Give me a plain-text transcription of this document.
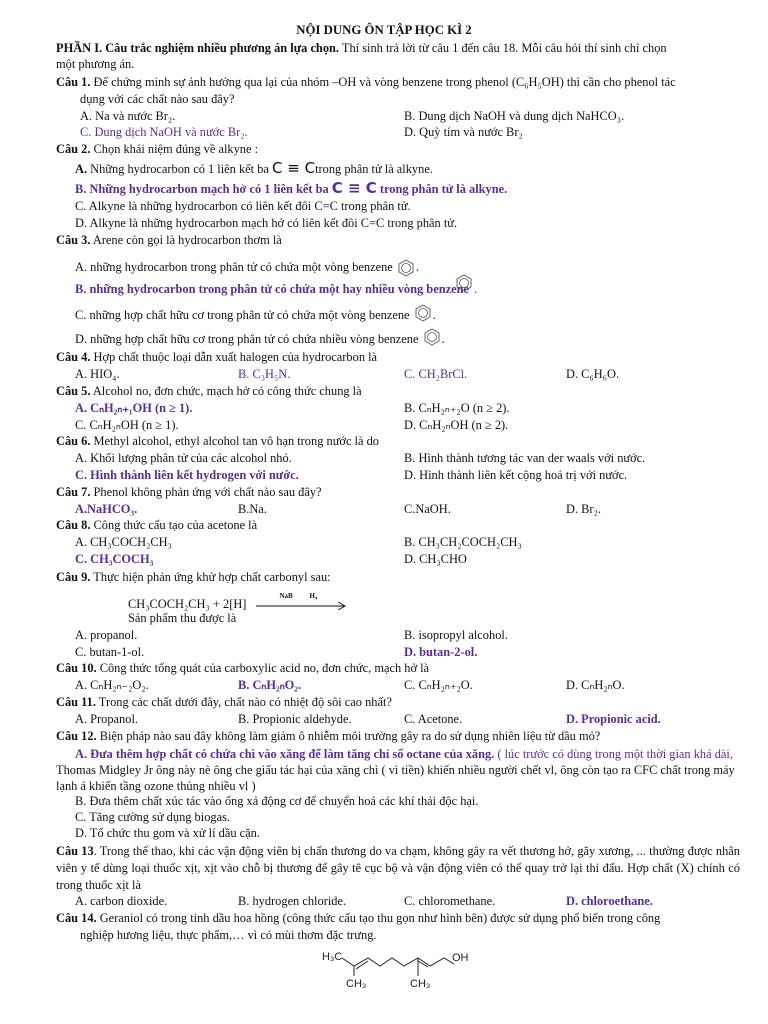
NỘI DUNG ÔN TẬP HỌC KÌ 2
PHẦN I. Câu trắc nghiệm nhiều phương án lựa chọn. Thí sinh trả lời từ câu 1 đến câu 18. Mỗi câu hỏi thí sinh chỉ chọn
một phương án.
Câu 1. Để chứng minh sự ảnh hưởng qua lại của nhóm –OH và vòng benzene trong phenol (C₆H₅OH) thì cần cho phenol tác
dụng với các chất nào sau đây?
A. Na và nước Br₂.	B. Dung dịch NaOH và dung dịch NaHCO₃.
C. Dung dịch NaOH và nước Br₂.	D. Quỳ tím và nước Br₂
Câu 2. Chọn khái niệm đúng về alkyne :
A. Những hydrocarbon có 1 liên kết ba C ≡ Ctrong phân tử là alkyne.
B. Những hydrocarbon mạch hở có 1 liên kết ba C ≡ C trong phân tử là alkyne.
C. Alkyne là những hydrocarbon có liên kết đôi C=C trong phân tử.
D. Alkyne là những hydrocarbon mạch hở có liên kết đôi C=C trong phân tử.
Câu 3. Arene còn gọi là hydrocarbon thơm là
A. những hydrocarbon trong phân tử có chứa một vòng benzene .
B. những hydrocarbon trong phân tử có chứa một hay nhiều vòng benzene .
C. những hợp chất hữu cơ trong phân tử có chứa một vòng benzene .
D. những hợp chất hữu cơ trong phân tử có chứa nhiều vòng benzene .
Câu 4. Hợp chất thuộc loại dẫn xuất halogen của hydrocarbon là
A. HIO₄.	B. C₃H₅N.	C. CH₂BrCl.	D. C₆H₆O.
Câu 5. Alcohol no, đơn chức, mạch hở có công thức chung là
A. CₙH₂ₙ₊₁OH (n ≥ 1).	B. CₙH₂ₙ₊₂O (n ≥ 2).
C. CₙH₂ₙOH (n ≥ 1).	D. CₙH₂ₙOH (n ≥ 2).
Câu 6. Methyl alcohol, ethyl alcohol tan vô hạn trong nước là do
A. Khối lượng phân tử của các alcohol nhỏ.	B. Hình thành tương tác van der waals với nước.
C. Hình thành liên kết hydrogen với nước.	D. Hình thành liên kết cộng hoá trị với nước.
Câu 7. Phenol không phản ứng với chất nào sau đây?
A.NaHCO₃.	B.Na.	C.NaOH.	D. Br₂.
Câu 8. Công thức cấu tạo của acetone là
A. CH₃COCH₂CH₃	B. CH₃CH₂COCH₂CH₃
C. CH₃COCH₃	D. CH₃CHO
Câu 9. Thực hiện phản ứng khử hợp chất carbonyl sau:
CH₃COCH₂CH₃ + 2[H]
NaB H₄
Sản phẩm thu được là
A. propanol.	B. isopropyl alcohol.
C. butan-1-ol.	D. butan-2-ol.
Câu 10. Công thức tổng quát của carboxylic acid no, đơn chức, mạch hở là
A. CₙH₂ₙ₋₂O₂.	B. CₙH₂ₙO₂.	C. CₙH₂ₙ₊₂O.	D. CₙH₂ₙO.
Câu 11. Trong các chất dưới đây, chất nào có nhiệt độ sôi cao nhất?
A. Propanol.	B. Propionic aldehyde.	C. Acetone.	D. Propionic acid.
Câu 12. Biện pháp nào sau đây không làm giảm ô nhiễm môi trường gây ra do sử dụng nhiên liệu từ dầu mỏ?
A. Đưa thêm hợp chất có chứa chì vào xăng để làm tăng chỉ số octane của xăng. ( lúc trước có dùng trong một thời gian khá dài, Thomas Midgley Jr ông này nè ông che giấu tác hại của xăng chì ( vì tiền) khiến nhiều người chết vl, ông còn tạo ra CFC chất trong máy lạnh á khiến tầng ozone thủng nhiều vl )
B. Đưa thêm chất xúc tác vào ống xả động cơ để chuyển hoá các khí thải độc hại.
C. Tăng cường sử dụng biogas.
D. Tổ chức thu gom và xử lí dầu cặn.
Câu 13. Trong thể thao, khi các vận động viên bị chấn thương do va chạm, không gây ra vết thương hở, gãy xương, ... thường được nhân viên y tế dùng loại thuốc xịt, xịt vào chỗ bị thương để gây tê cục bộ và vận động viên có thể quay trở lại thi đấu. Hợp chất (X) chính có trong thuốc xịt là
A. carbon dioxide.	B. hydrogen chloride.	C. chloromethane.	D. chloroethane.
Câu 14. Geraniol có trong tinh dầu hoa hồng (công thức cấu tạo thu gọn như hình bên) được sử dụng phổ biến trong công
nghiệp hương liệu, thực phẩm,… vì có mùi thơm đặc trưng.
H₃C	OH
CH₃	CH₃
